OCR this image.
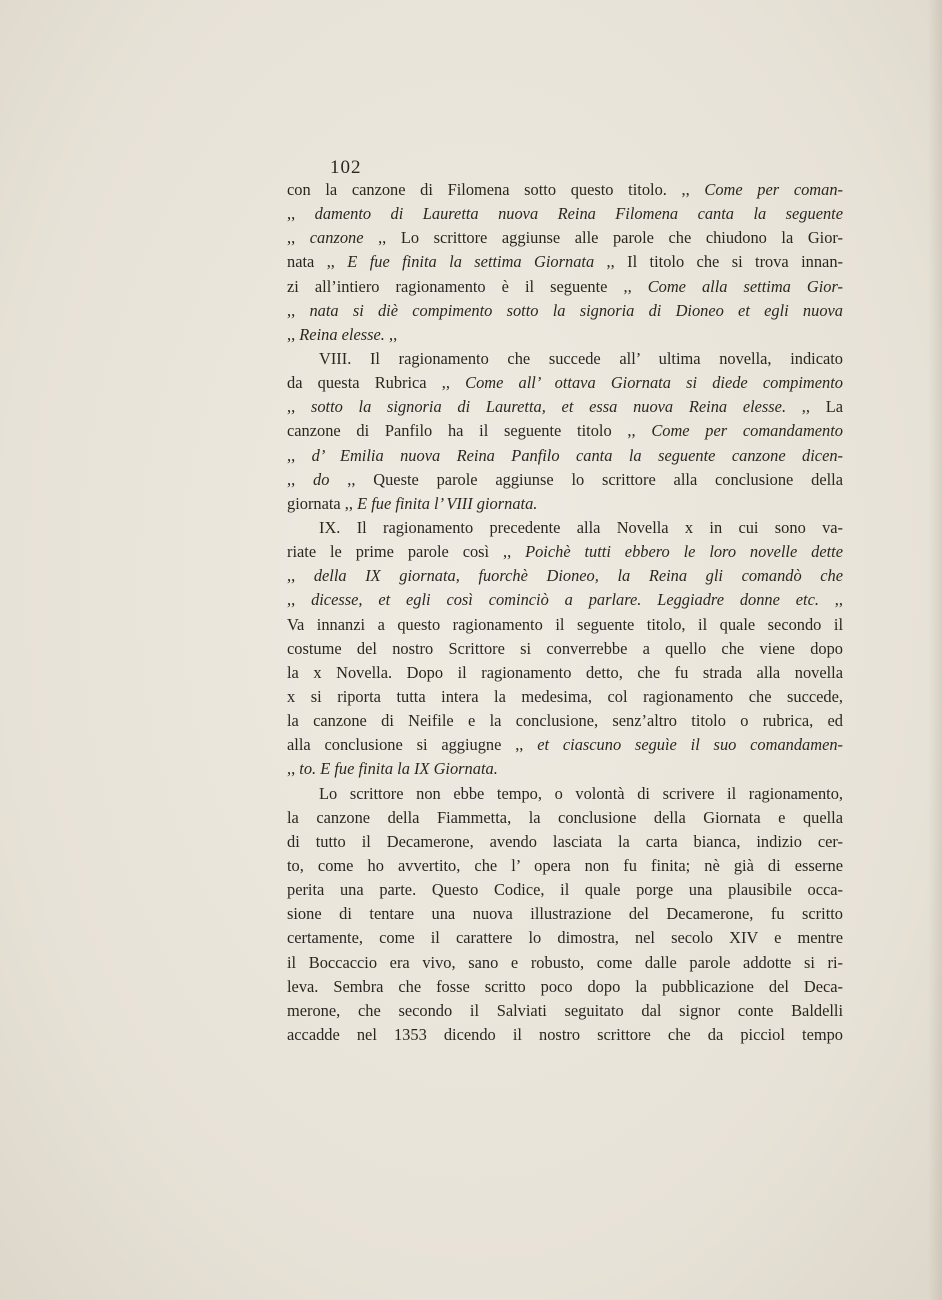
102
con la canzone di Filomena sotto questo titolo. ,, Come per coman-
,, damento di Lauretta nuova Reina Filomena canta la seguente
,, canzone ,, Lo scrittore aggiunse alle parole che chiudono la Gior-
nata ,, E fue finita la settima Giornata ,, Il titolo che si trova innan-
zi all’intiero ragionamento è il seguente ,, Come alla settima Gior-
,, nata si diè compimento sotto la signoria di Dioneo et egli nuova
,, Reina elesse. ,,
VIII. Il ragionamento che succede all’ ultima novella, indicato
da questa Rubrica ,, Come all’ ottava Giornata si diede compimento
,, sotto la signoria di Lauretta, et essa nuova Reina elesse. ,, La
canzone di Panfilo ha il seguente titolo ,, Come per comandamento
,, d’ Emilia nuova Reina Panfilo canta la seguente canzone dicen-
,, do ,, Queste parole aggiunse lo scrittore alla conclusione della
giornata ,, E fue finita l’ VIII giornata.
IX. Il ragionamento precedente alla Novella x in cui sono va-
riate le prime parole così ,, Poichè tutti ebbero le loro novelle dette
,, della IX giornata, fuorchè Dioneo, la Reina gli comandò che
,, dicesse, et egli così cominciò a parlare. Leggiadre donne etc. ,,
Va innanzi a questo ragionamento il seguente titolo, il quale secondo il
costume del nostro Scrittore si converrebbe a quello che viene dopo
la x Novella. Dopo il ragionamento detto, che fu strada alla novella
x si riporta tutta intera la medesima, col ragionamento che succede,
la canzone di Neifile e la conclusione, senz’altro titolo o rubrica, ed
alla conclusione si aggiugne ,, et ciascuno seguìe il suo comandamen-
,, to. E fue finita la IX Giornata.
Lo scrittore non ebbe tempo, o volontà di scrivere il ragionamento,
la canzone della Fiammetta, la conclusione della Giornata e quella
di tutto il Decamerone, avendo lasciata la carta bianca, indizio cer-
to, come ho avvertito, che l’ opera non fu finita; nè già di esserne
perita una parte. Questo Codice, il quale porge una plausibile occa-
sione di tentare una nuova illustrazione del Decamerone, fu scritto
certamente, come il carattere lo dimostra, nel secolo XIV e mentre
il Boccaccio era vivo, sano e robusto, come dalle parole addotte si ri-
leva. Sembra che fosse scritto poco dopo la pubblicazione del Deca-
merone, che secondo il Salviati seguitato dal signor conte Baldelli
accadde nel 1353 dicendo il nostro scrittore che da picciol tempo
